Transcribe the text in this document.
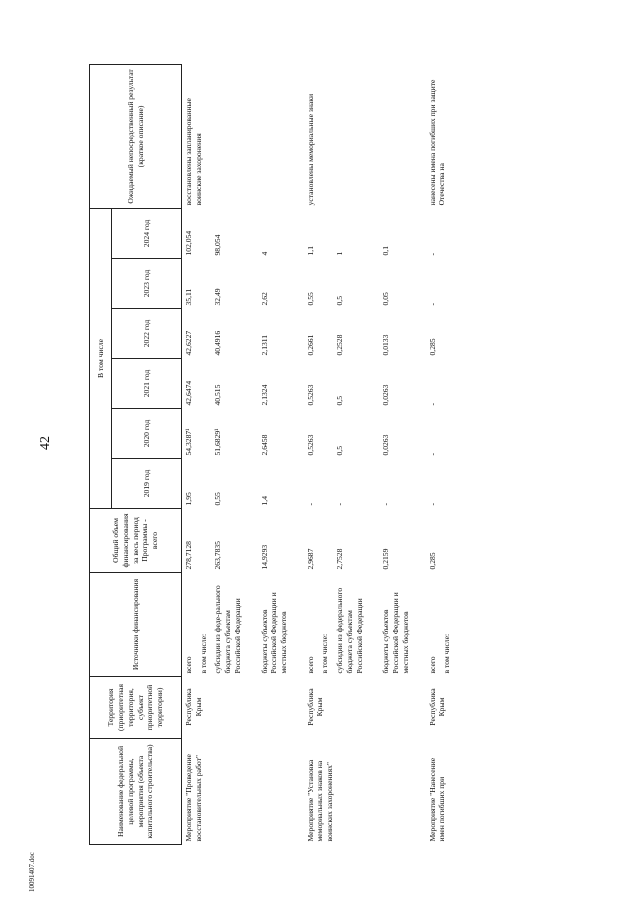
42
10091407.doc
Наименование федеральной целевой программы, мероприятия (объекта капитального строительства)	Территория (приоритетная территория, субъект приоритетной территории)	Источники финансирования	Общий объем финансирования за весь период Программы - всего	В том числе						Ожидаемый непосредственный результат (краткое описание)
				2019 год	2020 год	2021 год	2022 год	2023 год	2024 год	
Мероприятие "Проведение восстановительных работ"	Республика Крым	всего	278,7128	1,95	54,3287¹	42,6474	42,6227	35,11	102,054	восстановлены запланированные воинские захоронения
		в том числе:								
		субсидии из феде-рального бюджета субъектам Российской Федерации	263,7835	0,55	51,6829¹	40,515	40,4916	32,49	98,054	
		бюджеты субъектов Российской Федерации и местных бюджетов	14,9293	1,4	2,6458	2,1324	2,1311	2,62	4	
Мероприятие "Установка мемориальных знаков на воинских захоронениях"	Республика Крым	всего	2,9687	-	0,5263	0,5263	0,2661	0,55	1,1	установлены мемориальные знаки
		в том числе:								
		субсидии из федерального бюджета субъектам Российской Федерации	2,7528	-	0,5	0,5	0,2528	0,5	1	
		бюджеты субъектов Российской Федерации и местных бюджетов	0,2159	-	0,0263	0,0263	0,0133	0,05	0,1	
Мероприятие "Нанесение имен погибших при	Республика Крым	всего	0,285	-	-	-	0,285	-	-	нанесены имена погибших при защите Отечества на
		в том числе:								
